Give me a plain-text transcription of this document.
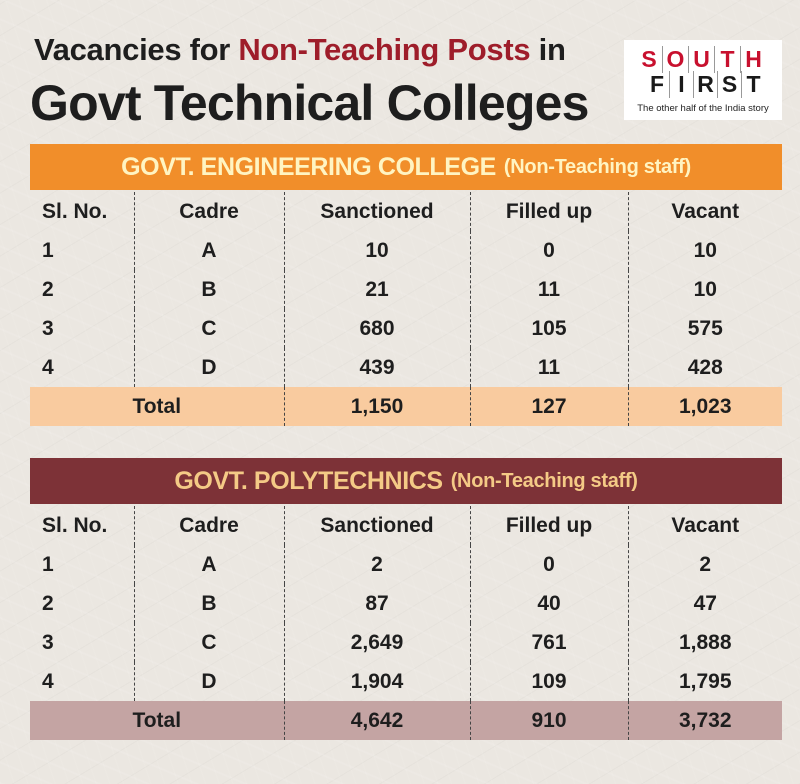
Vacancies for Non-Teaching Posts in
Govt Technical Colleges
S O U T H
F I R S T
The other half of the India story
GOVT. ENGINEERING COLLEGE (Non-Teaching staff)
Sl. No.	Cadre	Sanctioned	Filled up	Vacant
1	A	10	0	10
2	B	21	11	10
3	C	680	105	575
4	D	439	11	428
Total		1,150	127	1,023
GOVT. POLYTECHNICS (Non-Teaching staff)
Sl. No.	Cadre	Sanctioned	Filled up	Vacant
1	A	2	0	2
2	B	87	40	47
3	C	2,649	761	1,888
4	D	1,904	109	1,795
Total		4,642	910	3,732
